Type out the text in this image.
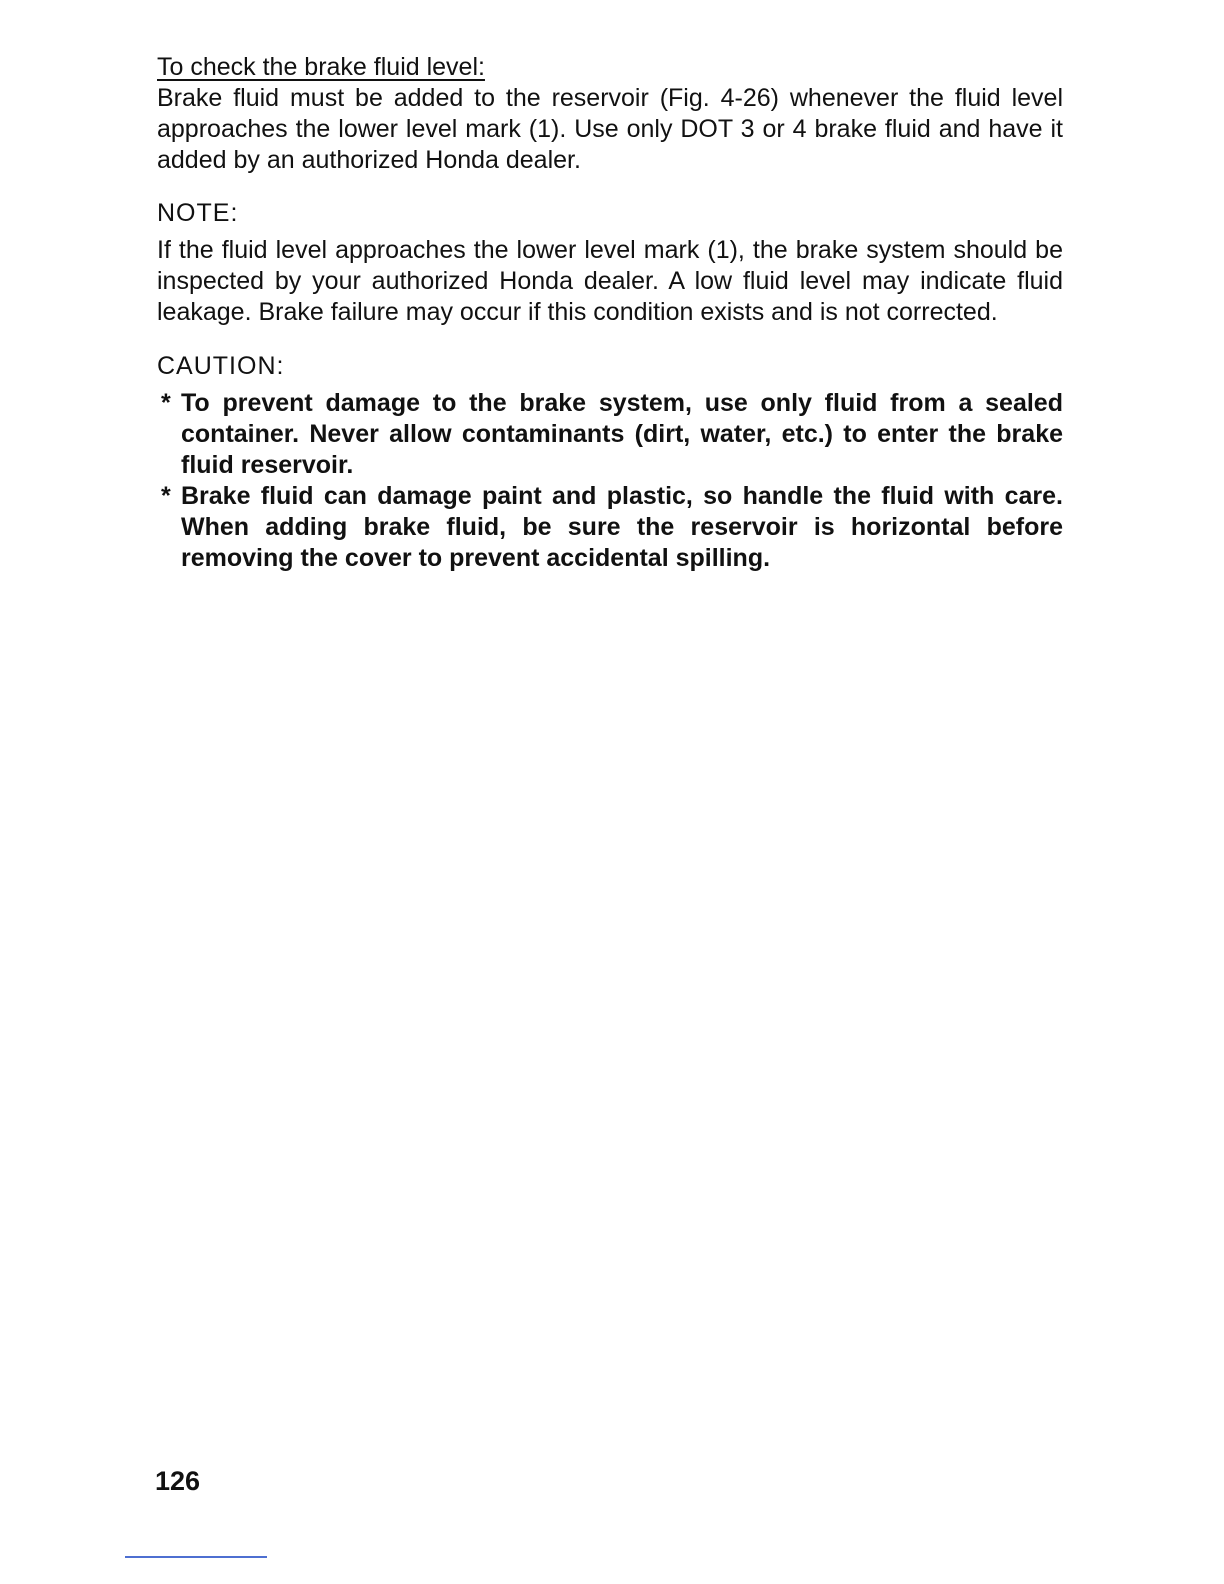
To check the brake fluid level:

Brake fluid must be added to the reservoir (Fig. 4-26) whenever the fluid level approaches the lower level mark (1). Use only DOT 3 or 4 brake fluid and have it added by an authorized Honda dealer.

NOTE:

If the fluid level approaches the lower level mark (1), the brake system should be inspected by your authorized Honda dealer. A low fluid level may indicate fluid leakage. Brake failure may occur if this condition exists and is not corrected.

CAUTION:

* To prevent damage to the brake system, use only fluid from a sealed container. Never allow contaminants (dirt, water, etc.) to enter the brake fluid reservoir.
* Brake fluid can damage paint and plastic, so handle the fluid with care. When adding brake fluid, be sure the reservoir is horizontal before removing the cover to prevent accidental spilling.
126
